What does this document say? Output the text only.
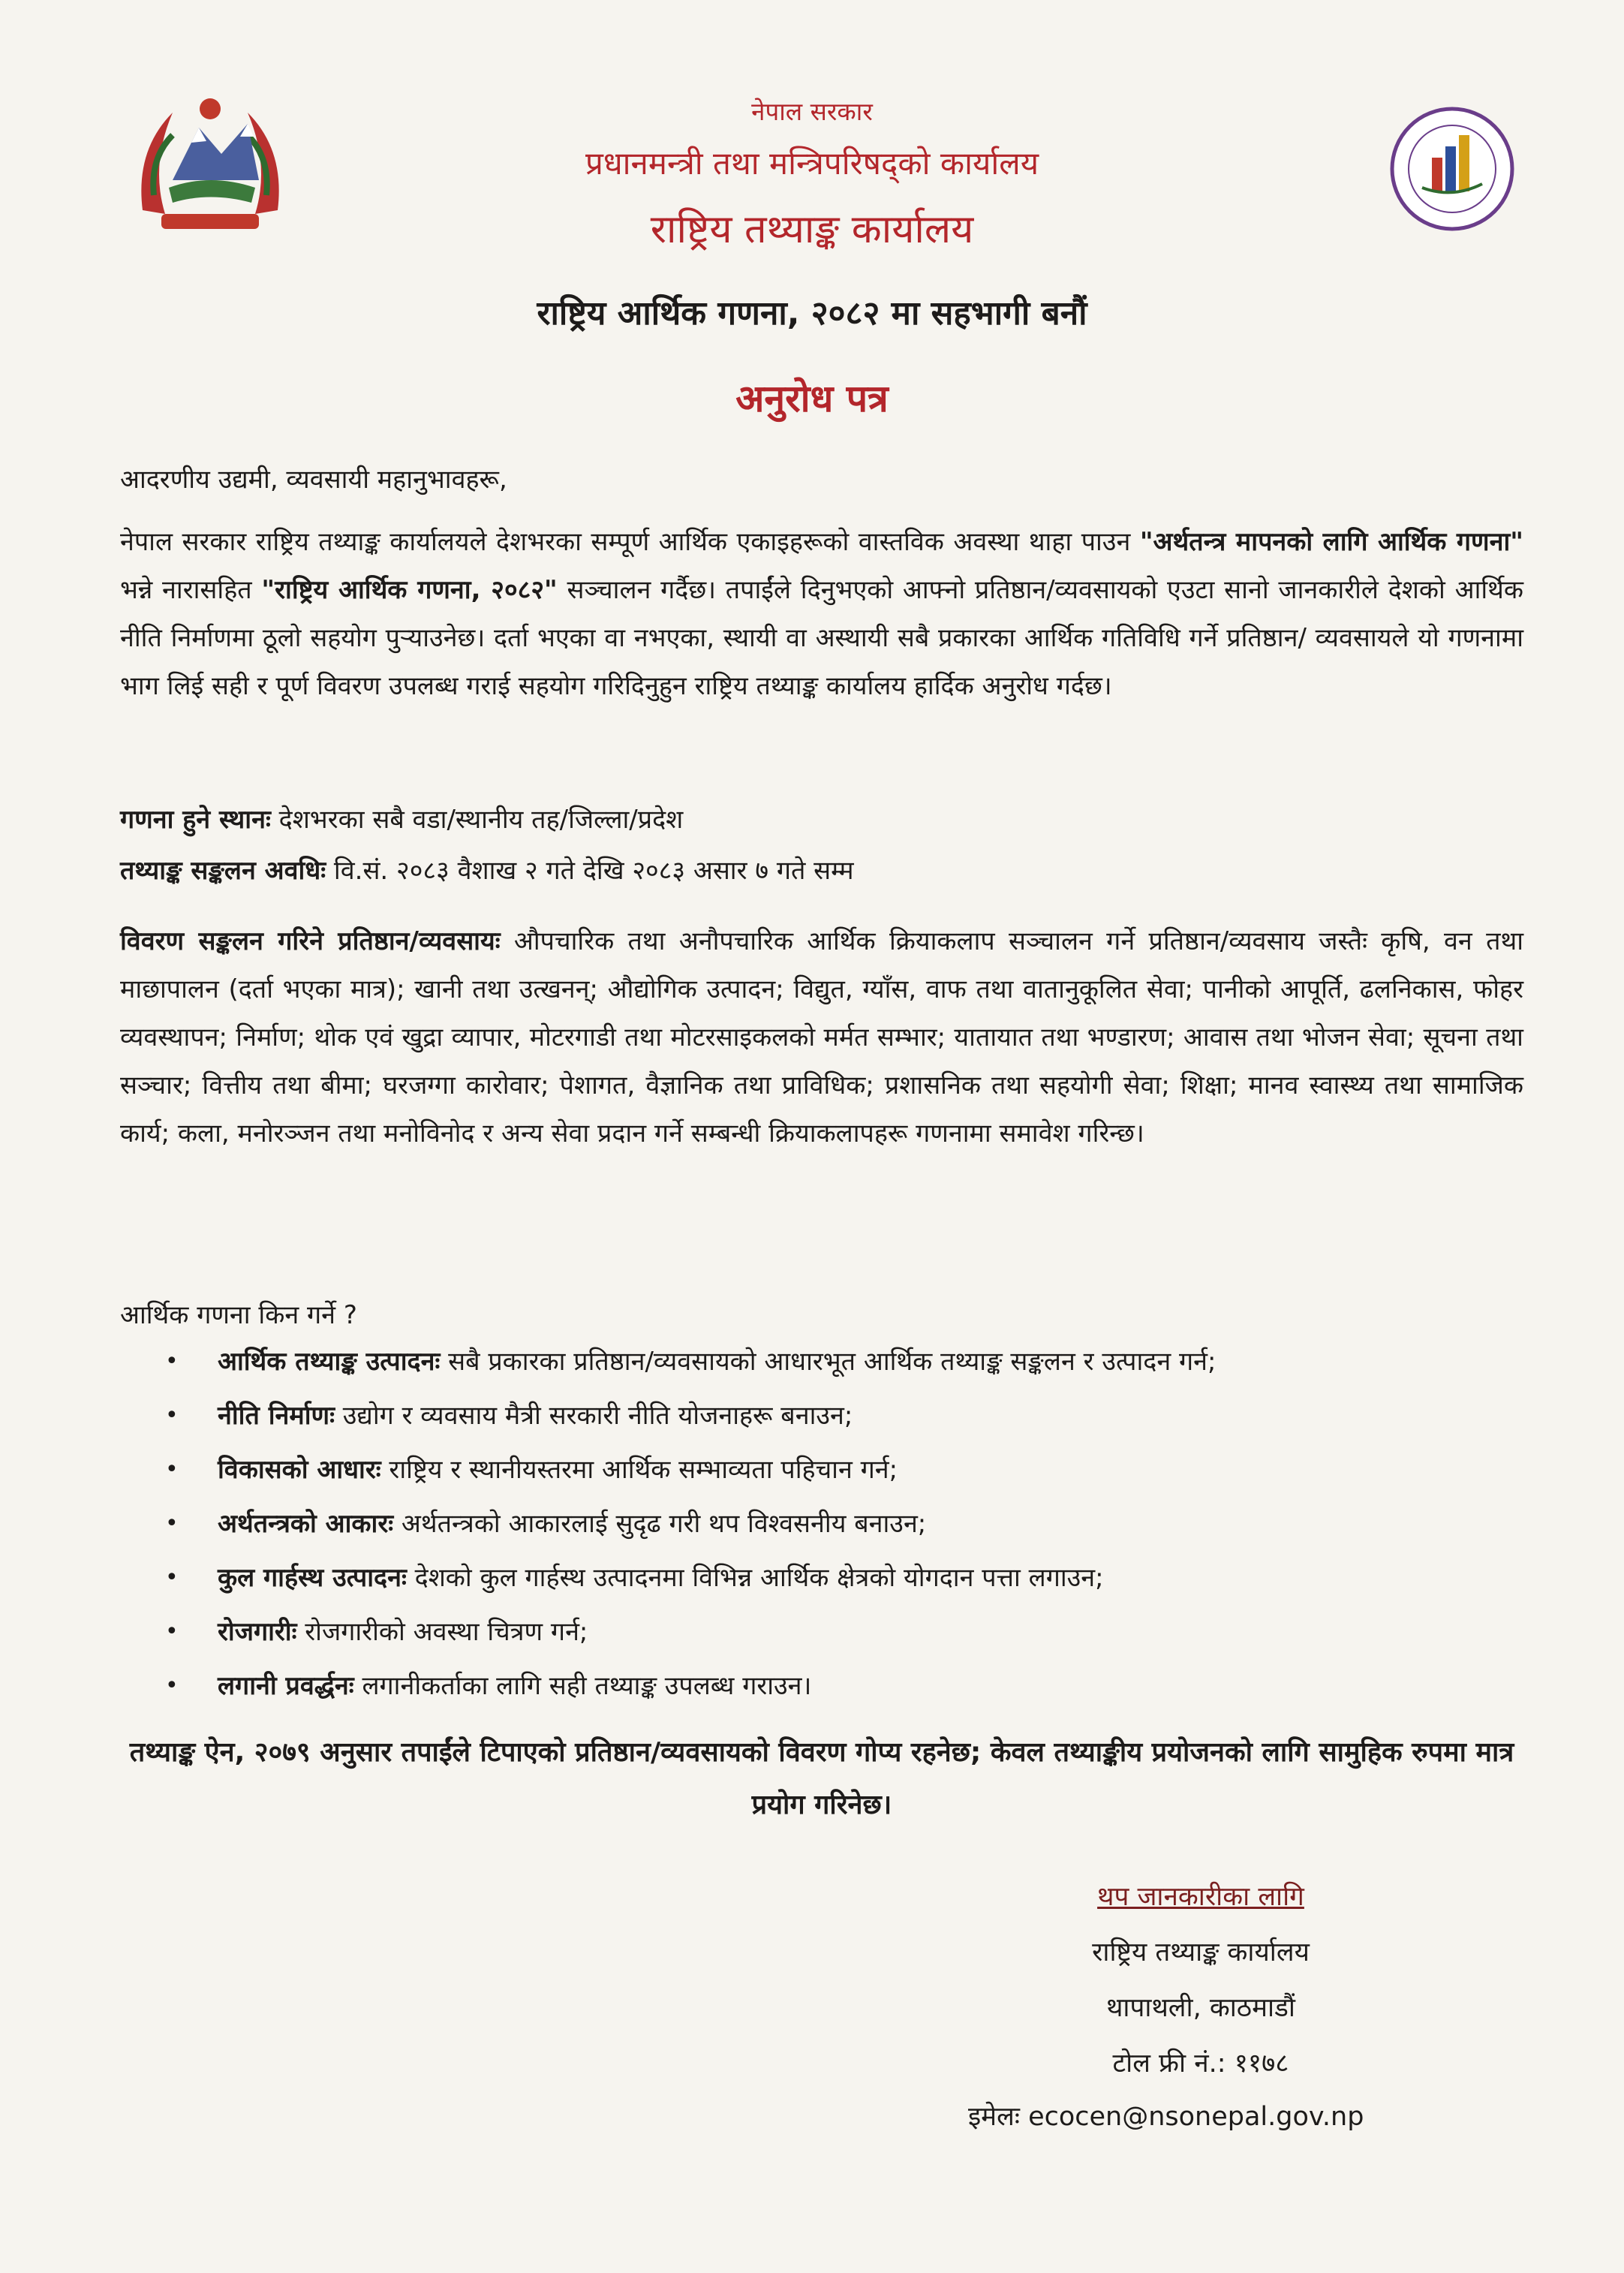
नेपाल सरकार
प्रधानमन्त्री तथा मन्त्रिपरिषद्को कार्यालय
राष्ट्रिय तथ्याङ्क कार्यालय
राष्ट्रिय आर्थिक गणना, २०८२ मा सहभागी बनौं
अनुरोध पत्र
आदरणीय उद्यमी, व्यवसायी महानुभावहरू,
नेपाल सरकार राष्ट्रिय तथ्याङ्क कार्यालयले देशभरका सम्पूर्ण आर्थिक एकाइहरूको वास्तविक अवस्था थाहा पाउन "अर्थतन्त्र मापनको लागि आर्थिक गणना" भन्ने नारासहित "राष्ट्रिय आर्थिक गणना, २०८२" सञ्चालन गर्दैछ। तपाईंले दिनुभएको आफ्नो प्रतिष्ठान/व्यवसायको एउटा सानो जानकारीले देशको आर्थिक नीति निर्माणमा ठूलो सहयोग पुऱ्याउनेछ। दर्ता भएका वा नभएका, स्थायी वा अस्थायी सबै प्रकारका आर्थिक गतिविधि गर्ने प्रतिष्ठान/ व्यवसायले यो गणनामा भाग लिई सही र पूर्ण विवरण उपलब्ध गराई सहयोग गरिदिनुहुन राष्ट्रिय तथ्याङ्क कार्यालय हार्दिक अनुरोध गर्दछ।
गणना हुने स्थानः देशभरका सबै वडा/स्थानीय तह/जिल्ला/प्रदेश
तथ्याङ्क सङ्कलन अवधिः वि.सं. २०८३ वैशाख २ गते देखि २०८३ असार ७ गते सम्म
विवरण सङ्कलन गरिने प्रतिष्ठान/व्यवसायः औपचारिक तथा अनौपचारिक आर्थिक क्रियाकलाप सञ्चालन गर्ने प्रतिष्ठान/व्यवसाय जस्तैः कृषि, वन तथा माछापालन (दर्ता भएका मात्र); खानी तथा उत्खनन्; औद्योगिक उत्पादन; विद्युत, ग्याँस, वाफ तथा वातानुकूलित सेवा; पानीको आपूर्ति, ढलनिकास, फोहर व्यवस्थापन; निर्माण; थोक एवं खुद्रा व्यापार, मोटरगाडी तथा मोटरसाइकलको मर्मत सम्भार; यातायात तथा भण्डारण; आवास तथा भोजन सेवा; सूचना तथा सञ्चार; वित्तीय तथा बीमा; घरजग्गा कारोवार; पेशागत, वैज्ञानिक तथा प्राविधिक; प्रशासनिक तथा सहयोगी सेवा; शिक्षा; मानव स्वास्थ्य तथा सामाजिक कार्य; कला, मनोरञ्जन तथा मनोविनोद र अन्य सेवा प्रदान गर्ने सम्बन्धी क्रियाकलापहरू गणनामा समावेश गरिन्छ।
आर्थिक गणना किन गर्ने ?
• आर्थिक तथ्याङ्क उत्पादनः सबै प्रकारका प्रतिष्ठान/व्यवसायको आधारभूत आर्थिक तथ्याङ्क सङ्कलन र उत्पादन गर्न;
• नीति निर्माणः उद्योग र व्यवसाय मैत्री सरकारी नीति योजनाहरू बनाउन;
• विकासको आधारः राष्ट्रिय र स्थानीयस्तरमा आर्थिक सम्भाव्यता पहिचान गर्न;
• अर्थतन्त्रको आकारः अर्थतन्त्रको आकारलाई सुदृढ गरी थप विश्वसनीय बनाउन;
• कुल गार्हस्थ उत्पादनः देशको कुल गार्हस्थ उत्पादनमा विभिन्न आर्थिक क्षेत्रको योगदान पत्ता लगाउन;
• रोजगारीः रोजगारीको अवस्था चित्रण गर्न;
• लगानी प्रवर्द्धनः लगानीकर्ताका लागि सही तथ्याङ्क उपलब्ध गराउन।
तथ्याङ्क ऐन, २०७९ अनुसार तपाईंले टिपाएको प्रतिष्ठान/व्यवसायको विवरण गोप्य रहनेछ; केवल तथ्याङ्कीय प्रयोजनको लागि सामुहिक रुपमा मात्र प्रयोग गरिनेछ।
थप जानकारीका लागि
राष्ट्रिय तथ्याङ्क कार्यालय
थापाथली, काठमाडौं
टोल फ्री नं.: ११७८
इमेलः ecocen@nsonepal.gov.np
